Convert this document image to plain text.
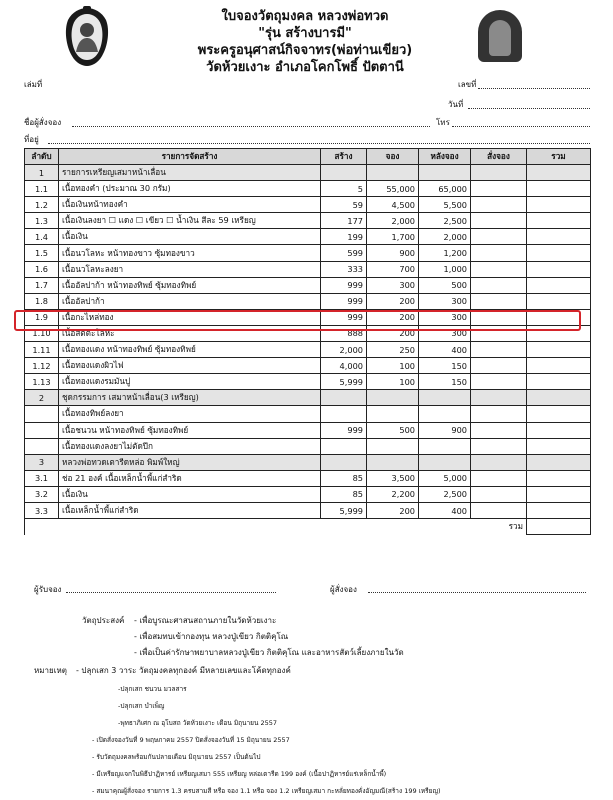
ใบจองวัตถุมงคล หลวงพ่อทวด
"รุ่น สร้างบารมี"
พระครูอนุศาสน์กิจจาทร(พ่อท่านเขียว)
วัดห้วยเงาะ อำเภอโคกโพธิ์ ปัตตานี
เล่มที่	เลขที่
วันที่
ชื่อผู้สั่งจอง	โทร
ที่อยู่
ลำดับ	รายการจัดสร้าง	สร้าง	จอง	หลังจอง	สั่งจอง	รวม
1	รายการเหรียญเสมาหน้าเลื่อน					
1.1	เนื้อทองคำ (ประมาณ 30 กรัม)	5	55,000	65,000		
1.2	เนื้อเงินหน้าทองคำ	59	4,500	5,500		
1.3	เนื้อเงินลงยา ☐ แดง ☐ เขียว ☐ น้ำเงิน สีละ 59 เหรียญ	177	2,000	2,500		
1.4	เนื้อเงิน	199	1,700	2,000		
1.5	เนื้อนวโลหะ หน้าทองขาว ซุ้มทองขาว	599	900	1,200		
1.6	เนื้อนวโลหะลงยา	333	700	1,000		
1.7	เนื้ออัลปาก้า หน้าทองทิพย์ ซุ้มทองทิพย์	999	300	500		
1.8	เนื้ออัลปาก้า	999	200	300		
1.9	เนื้อกะไหล่ทอง	999	200	300		
1.10	เนื้อสัตตะโลหะ	888	200	300		
1.11	เนื้อทองแดง หน้าทองทิพย์ ซุ้มทองทิพย์	2,000	250	400		
1.12	เนื้อทองแดงผิวไฟ	4,000	100	150		
1.13	เนื้อทองแดงรมมันปู	5,999	100	150		
2	ชุดกรรมการ เสมาหน้าเลื่อน(3 เหรียญ)					
	เนื้อทองทิพย์ลงยา					
	เนื้อชนวน หน้าทองทิพย์ ซุ้มทองทิพย์	999	500	900		
	เนื้อทองแดงลงยาไม่ตัดปีก					
3	หลวงพ่อทวดเตารีดหล่อ พิมพ์ใหญ่					
3.1	ช่อ 21 องค์ เนื้อเหล็กน้ำพี้แก่สำริด	85	3,500	5,000		
3.2	เนื้อเงิน	85	2,200	2,500		
3.3	เนื้อเหล็กน้ำพี้แก่สำริด	5,999	200	400		
					รวม	
ผู้รับจอง	ผู้สั่งจอง
วัตถุประสงค์ - เพื่อบูรณะศาสนสถานภายในวัดห้วยเงาะ
- เพื่อสมทบเข้ากองทุน หลวงปู่เขียว กิตติคุโณ
- เพื่อเป็นค่ารักษาพยาบาลหลวงปู่เขียว กิตติคุโณ และอาหารสัตว์เลี้ยงภายในวัด
หมายเหตุ - ปลุกเสก 3 วาระ วัตถุมงคลทุกองค์ มีหลายเลขและโค้ดทุกองค์
-ปลุกเสก ชนวน มวลสาร
-ปลุกเสก บำเพ็ญ
-พุทธาภิเศก ณ อุโบสถ วัดห้วยเงาะ เดือน มิถุนายน 2557
- เปิดสั่งจองวันที่ 9 พฤษภาคม 2557 ปิดสั่งจองวันที่ 15 มิถุนายน 2557
- รับวัตถุมงคลพร้อมกันปลายเดือน มิถุนายน 2557 เป็นต้นไป
- มีเหรียญแจกในพิธีปาฏิหารย์ เหรียญเสมา 555 เหรียญ หล่อเตารีด 199 องค์ (เนื้อปาฏิหารย์แร่เหล็กน้ำพี้)
- สมนาคุณผู้สั่งจอง รายการ 1.3 ครบสามสี หรือ จอง 1.1 หรือ จอง 1.2 เหรียญเสมา กะหลั่ยทองคั่งอัญมณี(สร้าง 199 เหรียญ)
